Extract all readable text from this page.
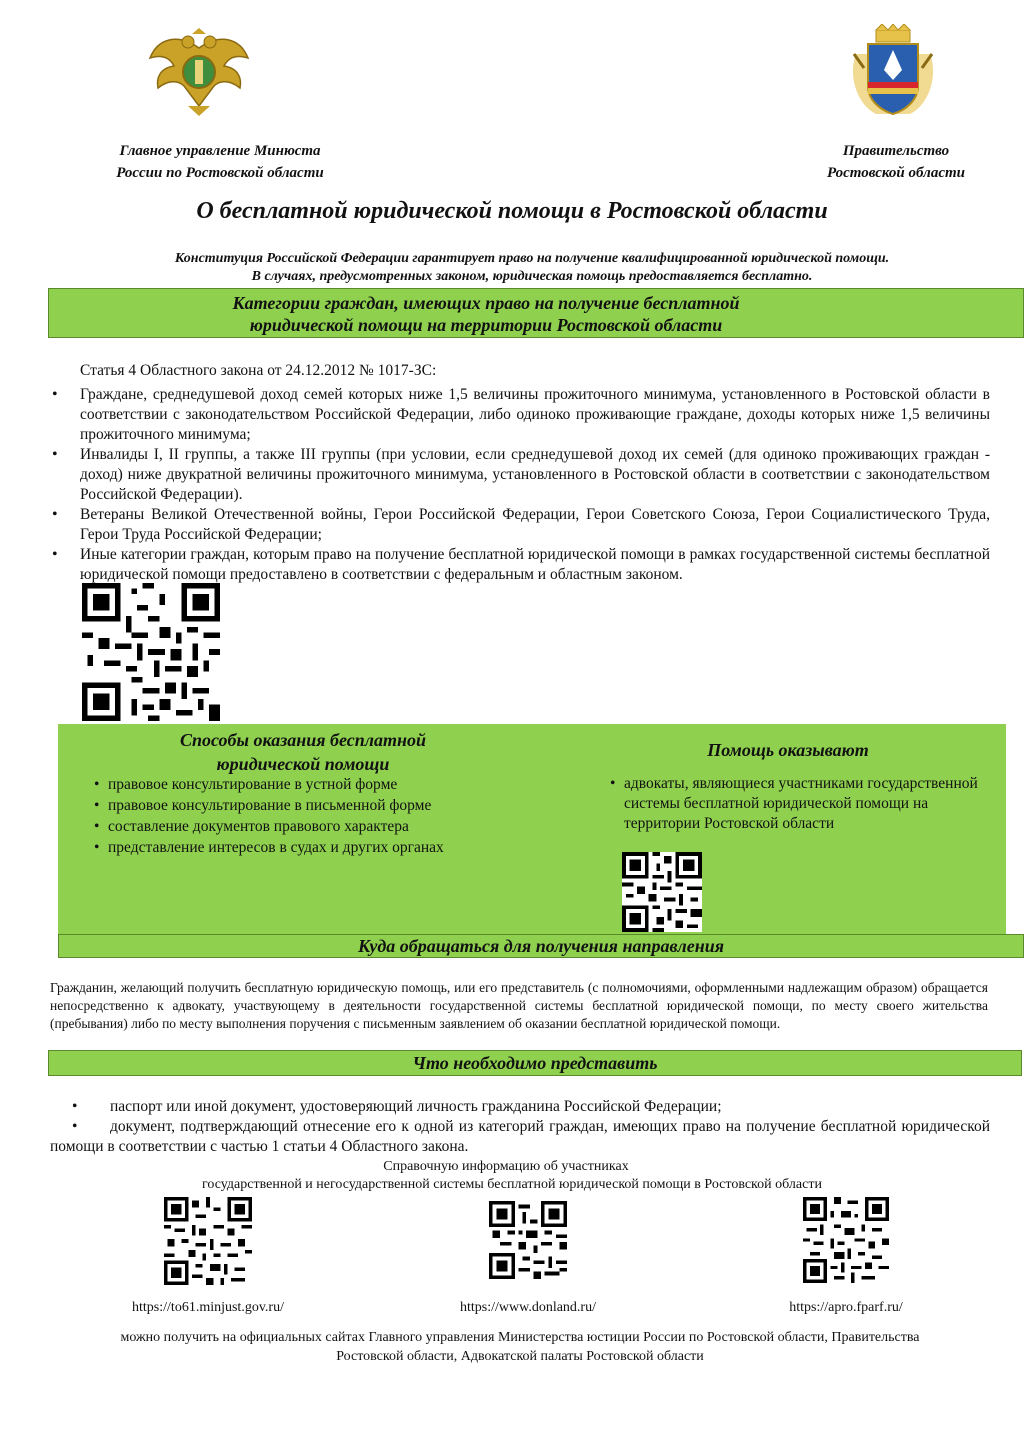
Главное управление Минюста
России по Ростовской области
Правительство
Ростовской области
О бесплатной юридической помощи в Ростовской области
Конституция Российской Федерации гарантирует право на получение квалифицированной юридической помощи.
В случаях, предусмотренных законом, юридическая помощь предоставляется бесплатно.
Категории граждан, имеющих право на получение бесплатной
юридической помощи на территории Ростовской области
Статья 4 Областного закона от 24.12.2012 № 1017-ЗС:
• Граждане, среднедушевой доход семей которых ниже 1,5 величины прожиточного минимума, установленного в Ростовской области в соответствии с законодательством Российской Федерации, либо одиноко проживающие граждане, доходы которых ниже 1,5 величины прожиточного минимума;
• Инвалиды I, II группы, а также III группы (при условии, если среднедушевой доход их семей (для одиноко проживающих граждан - доход) ниже двукратной величины прожиточного минимума, установленного в Ростовской области в соответствии с законодательством Российской Федерации).
• Ветераны Великой Отечественной войны, Герои Российской Федерации, Герои Советского Союза, Герои Социалистического Труда, Герои Труда Российской Федерации;
• Иные категории граждан, которым право на получение бесплатной юридической помощи в рамках государственной системы бесплатной юридической помощи предоставлено в соответствии с федеральным и областным законом.
Способы оказания бесплатной
юридической помощи
• правовое консультирование в устной форме
• правовое консультирование в письменной форме
• составление документов правового характера
• представление интересов в судах и других органах
Помощь оказывают
• адвокаты, являющиеся участниками государственной системы бесплатной юридической помощи на территории Ростовской области
Куда обращаться для получения направления
Гражданин, желающий получить бесплатную юридическую помощь, или его представитель (с полномочиями, оформленными надлежащим образом) обращается непосредственно к адвокату, участвующему в деятельности государственной системы бесплатной юридической помощи, по месту своего жительства (пребывания) либо по месту выполнения поручения с письменным заявлением об оказании бесплатной юридической помощи.
Что необходимо представить
• паспорт или иной документ, удостоверяющий личность гражданина Российской Федерации;
• документ, подтверждающий отнесение его к одной из категорий граждан, имеющих право на получение бесплатной юридической помощи в соответствии с частью 1 статьи 4 Областного закона.
Справочную информацию об участниках
государственной и негосударственной системы бесплатной юридической помощи в Ростовской области
https://to61.minjust.gov.ru/	https://www.donland.ru/	https://apro.fparf.ru/
можно получить на официальных сайтах Главного управления Министерства юстиции России по Ростовской области, Правительства
Ростовской области, Адвокатской палаты Ростовской области
